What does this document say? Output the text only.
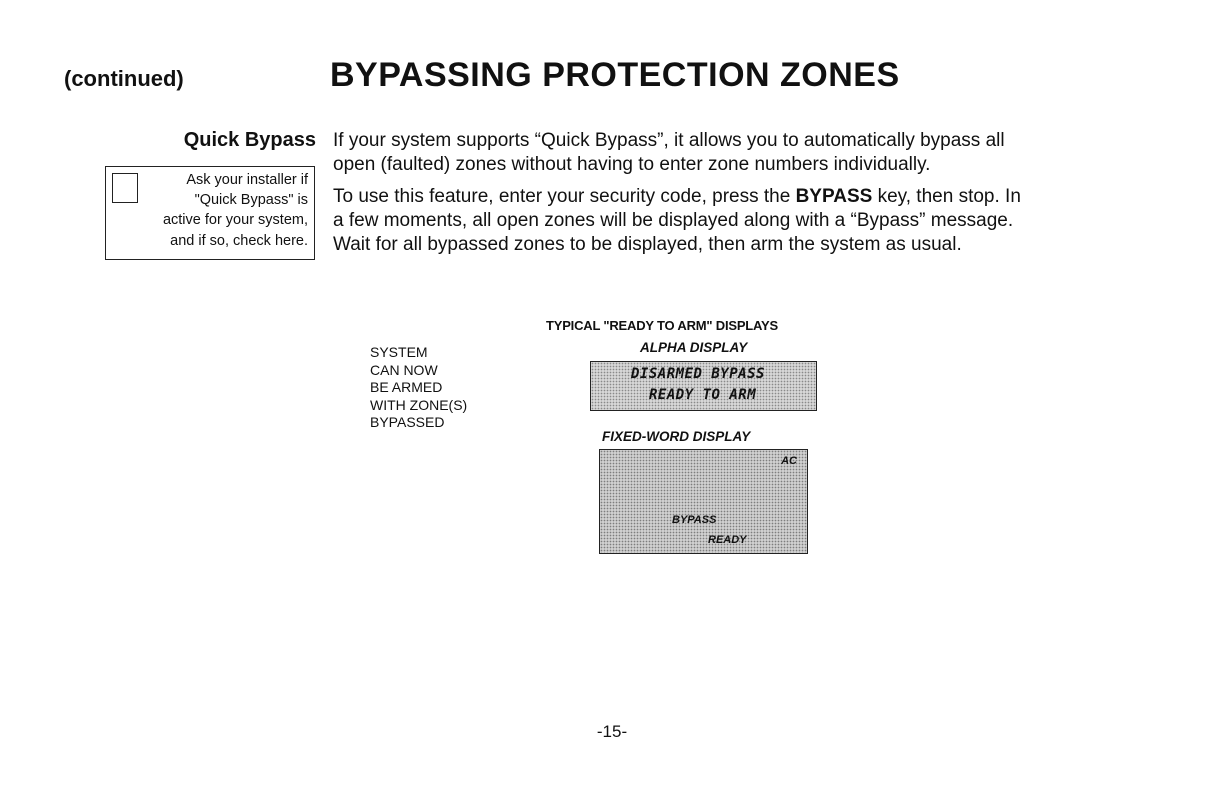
(continued)	BYPASSING PROTECTION ZONES
Quick Bypass
Ask your installer if
"Quick Bypass" is
active for your system,
and if so, check here.

If your system supports “Quick Bypass”, it allows you to automatically bypass all

open (faulted) zones without having to enter zone numbers individually.

To use this feature, enter your security code, press the BYPASS key, then stop. In

a few moments, all open zones will be displayed along with a “Bypass” message.

Wait for all bypassed zones to be displayed, then arm the system as usual.

TYPICAL "READY TO ARM" DISPLAYS
SYSTEM
CAN NOW
BE ARMED
WITH ZONE(S)
BYPASSED
ALPHA DISPLAY
DISARMED BYPASS
READY TO ARM
FIXED-WORD DISPLAY
AC
BYPASS
READY
-15-
